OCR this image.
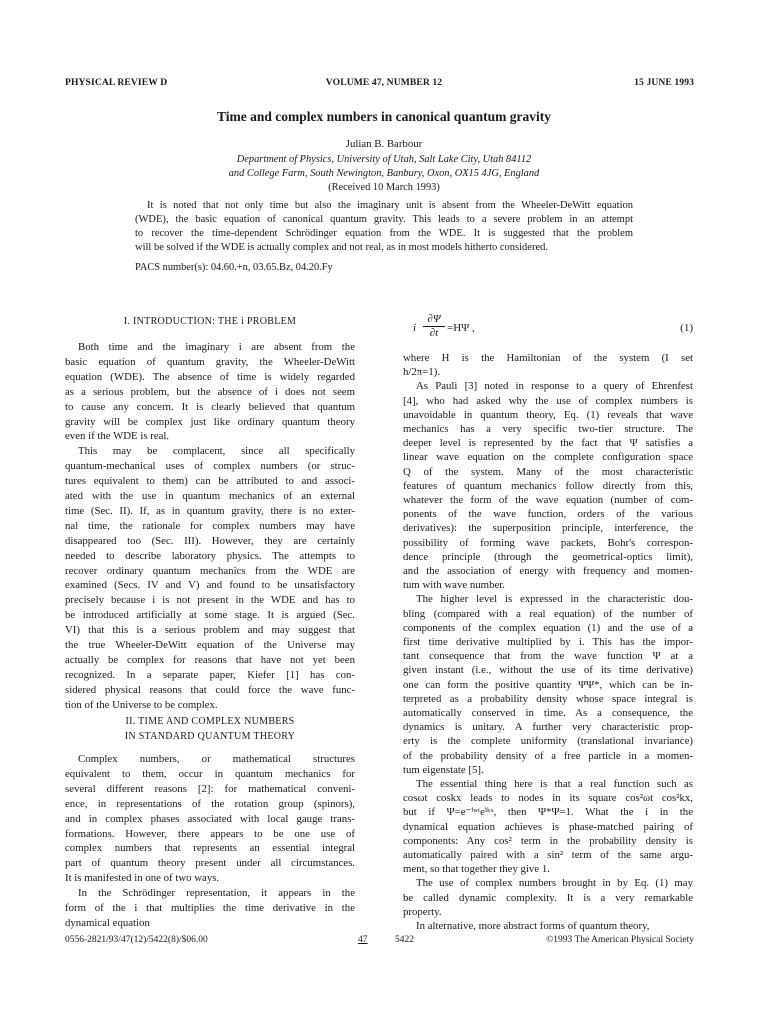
PHYSICAL REVIEW D	VOLUME 47, NUMBER 12	15 JUNE 1993
Time and complex numbers in canonical quantum gravity
Julian B. Barbour
Department of Physics, University of Utah, Salt Lake City, Utah 84112
and College Farm, South Newington, Banbury, Oxon, OX15 4JG, England
(Received 10 March 1993)
It is noted that not only time but also the imaginary unit is absent from the Wheeler-DeWitt equation
(WDE), the basic equation of canonical quantum gravity. This leads to a severe problem in an attempt
to recover the time-dependent Schrödinger equation from the WDE. It is suggested that the problem
will be solved if the WDE is actually complex and not real, as in most models hitherto considered.
PACS number(s): 04.60.+n, 03.65.Bz, 04.20.Fy
I. INTRODUCTION: THE i PROBLEM
Both time and the imaginary i are absent from the
basic equation of quantum gravity, the Wheeler-DeWitt
equation (WDE). The absence of time is widely regarded
as a serious problem, but the absence of i does not seem
to cause any concern. It is clearly believed that quantum
gravity will be complex just like ordinary quantum theory
even if the WDE is real.
This may be complacent, since all specifically
quantum-mechanical uses of complex numbers (or struc-
tures equivalent to them) can be attributed to and associ-
ated with the use in quantum mechanics of an external
time (Sec. II). If, as in quantum gravity, there is no exter-
nal time, the rationale for complex numbers may have
disappeared too (Sec. III). However, they are certainly
needed to describe laboratory physics. The attempts to
recover ordinary quantum mechanics from the WDE are
examined (Secs. IV and V) and found to be unsatisfactory
precisely because i is not present in the WDE and has to
be introduced artificially at some stage. It is argued (Sec.
VI) that this is a serious problem and may suggest that
the true Wheeler-DeWitt equation of the Universe may
actually be complex for reasons that have not yet been
recognized. In a separate paper, Kiefer [1] has con-
sidered physical reasons that could force the wave func-
tion of the Universe to be complex.
II. TIME AND COMPLEX NUMBERS
IN STANDARD QUANTUM THEORY
Complex numbers, or mathematical structures
equivalent to them, occur in quantum mechanics for
several different reasons [2]: for mathematical conveni-
ence, in representations of the rotation group (spinors),
and in complex phases associated with local gauge trans-
formations. However, there appears to be one use of
complex numbers that represents an essential integral
part of quantum theory present under all circumstances.
It is manifested in one of two ways.
In the Schrödinger representation, it appears in the
form of the i that multiplies the time derivative in the
dynamical equation
i $\frac{\partial\Psi}{\partial t} =H\Psi$ ,	(1)
where H is the Hamiltonian of the system (I set
h/2π=1).
As Pauli [3] noted in response to a query of Ehrenfest
[4], who had asked why the use of complex numbers is
unavoidable in quantum theory, Eq. (1) reveals that wave
mechanics has a very specific two-tier structure. The
deeper level is represented by the fact that Ψ satisfies a
linear wave equation on the complete configuration space
Q of the system. Many of the most characteristic
features of quantum mechanics follow directly from this,
whatever the form of the wave equation (number of com-
ponents of the wave function, orders of the various
derivatives): the superposition principle, interference, the
possibility of forming wave packets, Bohr's correspon-
dence principle (through the geometrical-optics limit),
and the association of energy with frequency and momen-
tum with wave number.
The higher level is expressed in the characteristic dou-
bling (compared with a real equation) of the number of
components of the complex equation (1) and the use of a
first time derivative multiplied by i. This has the impor-
tant consequence that from the wave function Ψ at a
given instant (i.e., without the use of its time derivative)
one can form the positive quantity ΨΨ*, which can be in-
terpreted as a probability density whose space integral is
automatically conserved in time. As a consequence, the
dynamics is unitary. A further very characteristic prop-
erty is the complete uniformity (translational invariance)
of the probability density of a free particle in a momen-
tum eigenstate [5].
The essential thing here is that a real function such as
cosωt coskx leads to nodes in its square cos²ωt cos²kx,
but if Ψ=e⁻ⁱʷᵗeⁱᵏˣ, then Ψ*Ψ=1. What the i in the
dynamical equation achieves is phase-matched pairing of
components: Any cos² term in the probability density is
automatically paired with a sin² term of the same argu-
ment, so that together they give 1.
The use of complex numbers brought in by Eq. (1) may
be called dynamic complexity. It is a very remarkable
property.
In alternative, more abstract forms of quantum theory,
0556-2821/93/47(12)/5422(8)/$06.00	47	5422	©1993 The American Physical Society
